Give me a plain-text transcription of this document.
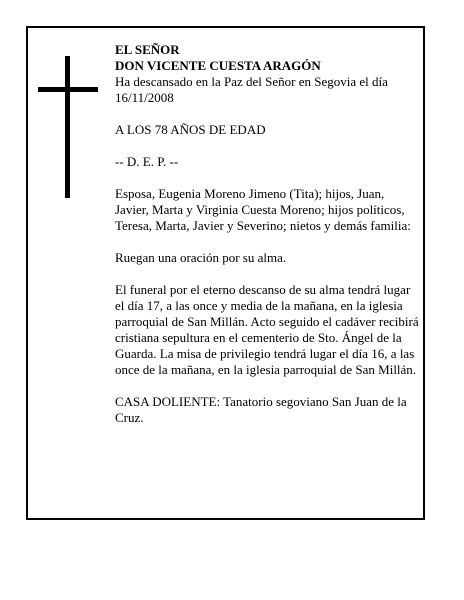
EL SEÑOR

DON VICENTE CUESTA ARAGÓN

Ha descansado en la Paz del Señor en Segovia el día 16/11/2008

A LOS 78 AÑOS DE EDAD

-- D. E. P. --

Esposa, Eugenia Moreno Jimeno (Tita); hijos, Juan, Javier, Marta y Virginia Cuesta Moreno; hijos políticos, Teresa, Marta, Javier y Severino; nietos y demás familia:

Ruegan una oración por su alma.

El funeral por el eterno descanso de su alma tendrá lugar el día 17, a las once y media de la mañana, en la iglesia parroquial de San Millán. Acto seguido el cadáver recibirá cristiana sepultura en el cementerio de Sto. Ángel de la Guarda. La misa de privilegio tendrá lugar el día 16, a las once de la mañana, en la iglesia parroquial de San Millán.

CASA DOLIENTE: Tanatorio segoviano San Juan de la Cruz.
